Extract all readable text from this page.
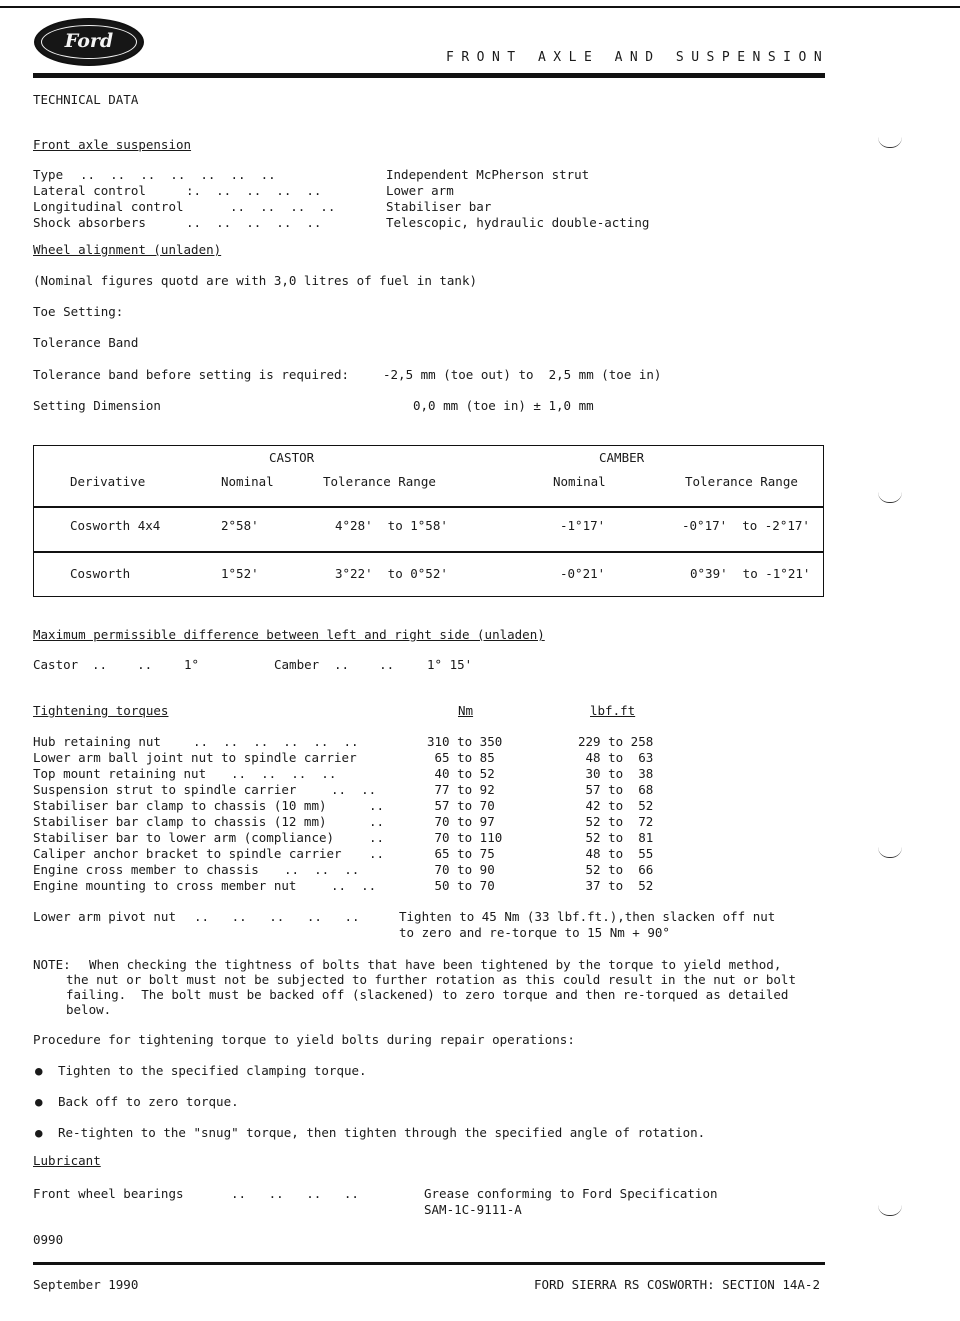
Ford
FRONT AXLE AND SUSPENSION
TECHNICAL DATA
Front axle suspension
Type ..  ..  ..  ..  ..  ..  ..	Independent McPherson strut
Lateral control	:.  ..  ..  ..  ..	Lower arm
Longitudinal control	..  ..  ..  ..	Stabiliser bar
Shock absorbers	..  ..  ..  ..  ..	Telescopic, hydraulic double-acting
Wheel alignment (unladen)
(Nominal figures quotd are with 3,0 litres of fuel in tank)
Toe Setting:
Tolerance Band
Tolerance band before setting is required:	-2,5 mm (toe out) to  2,5 mm (toe in)
Setting Dimension	0,0 mm (toe in) ± 1,0 mm
CASTOR	CAMBER
Derivative	Nominal	Tolerance Range	Nominal	Tolerance Range
Cosworth 4x4	2°58'	4°28'  to 1°58'	-1°17'	-0°17'  to -2°17'
Cosworth	1°52'	3°22'  to 0°52'	-0°21'	0°39'  to -1°21'
Maximum permissible difference between left and right side (unladen)
Castor ..    ..	1°	Camber ..    ..	1° 15'
Tightening torques	Nm	lbf.ft
Hub retaining nut	..  ..  ..  ..  ..  ..	310 to 350	229 to 258
Lower arm ball joint nut to spindle carrier	65 to 85	48 to  63
Top mount retaining nut ..  ..  ..  ..	40 to 52	30 to  38
Suspension strut to spindle carrier	..  ..	77 to 92	57 to  68
Stabiliser bar clamp to chassis (10 mm)	..	57 to 70	42 to  52
Stabiliser bar clamp to chassis (12 mm)	..	70 to 97	52 to  72
Stabiliser bar to lower arm (compliance)	..	70 to 110	52 to  81
Caliper anchor bracket to spindle carrier ..	65 to 75	48 to  55
Engine cross member to chassis ..  ..  ..	70 to 90	52 to  66
Engine mounting to cross member nut	..  ..	50 to 70	37 to  52
Lower arm pivot nut ..   ..   ..   ..   ..	Tighten to 45 Nm (33 lbf.ft.),then slacken off nut
to zero and re-torque to 15 Nm + 90°
NOTE: When checking the tightness of bolts that have been tightened by the torque to yield method,
the nut or bolt must not be subjected to further rotation as this could result in the nut or bolt
failing.  The bolt must be backed off (slackened) to zero torque and then re-torqued as detailed
below.
Procedure for tightening torque to yield bolts during repair operations:
● Tighten to the specified clamping torque.
● Back off to zero torque.
● Re-tighten to the "snug" torque, then tighten through the specified angle of rotation.
Lubricant
Front wheel bearings	..   ..   ..   ..	Grease conforming to Ford Specification
SAM-1C-9111-A
0990
September 1990	FORD SIERRA RS COSWORTH: SECTION 14A-2
